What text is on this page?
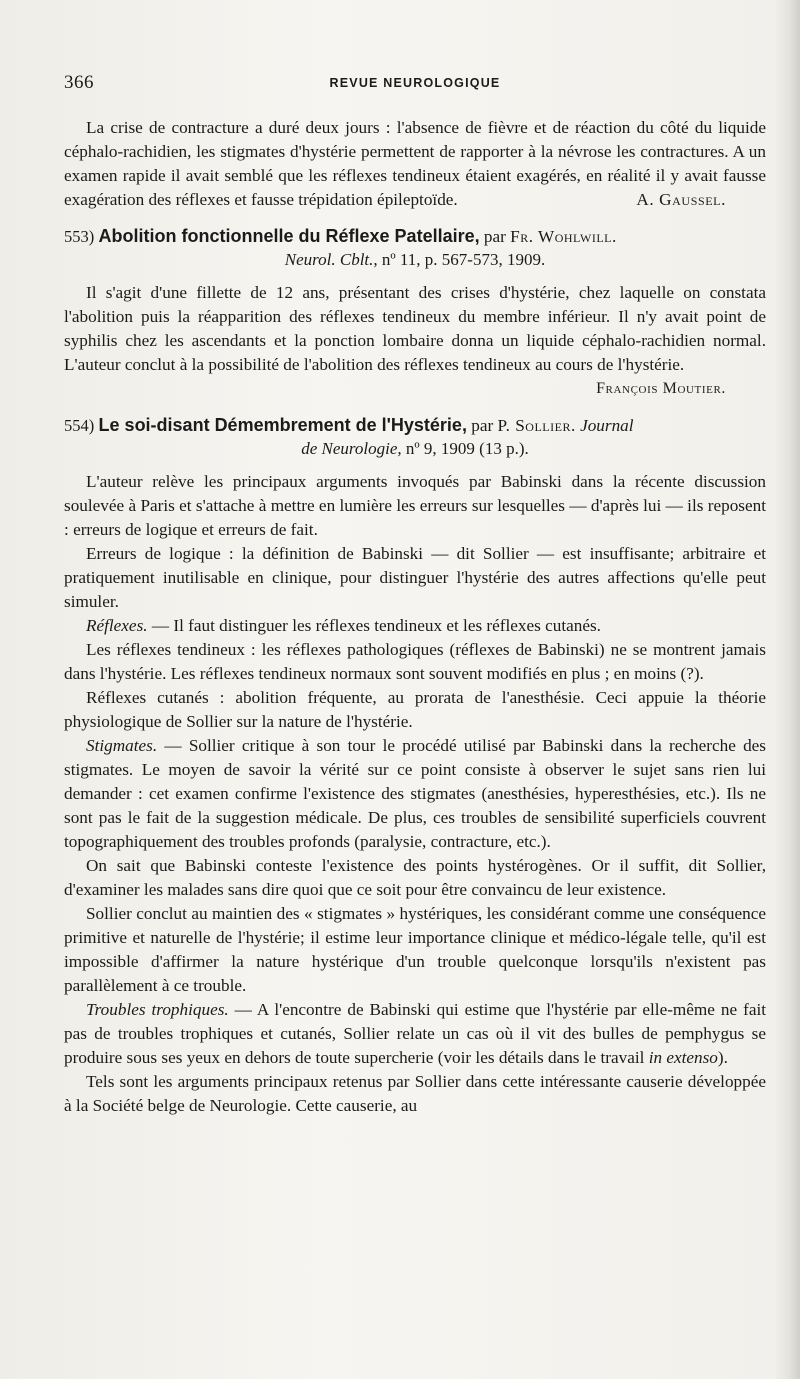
366	REVUE NEUROLOGIQUE

La crise de contracture a duré deux jours : l'absence de fièvre et de réaction du côté du liquide céphalo-rachidien, les stigmates d'hystérie permettent de rapporter à la névrose les contractures. A un examen rapide il avait semblé que les réflexes tendineux étaient exagérés, en réalité il y avait fausse exagération des réflexes et fausse trépidation épileptoïde.	A. Gaussel.

553) Abolition fonctionnelle du Réflexe Patellaire, par Fr. Wohlwill.
Neurol. Cblt., nº 11, p. 567-573, 1909.

Il s'agit d'une fillette de 12 ans, présentant des crises d'hystérie, chez laquelle on constata l'abolition puis la réapparition des réflexes tendineux du membre inférieur. Il n'y avait point de syphilis chez les ascendants et la ponction lombaire donna un liquide céphalo-rachidien normal. L'auteur conclut à la possibilité de l'abolition des réflexes tendineux au cours de l'hystérie.

François Moutier.
554) Le soi-disant Démembrement de l'Hystérie, par P. Sollier. Journal
de Neurologie, nº 9, 1909 (13 p.).

L'auteur relève les principaux arguments invoqués par Babinski dans la récente discussion soulevée à Paris et s'attache à mettre en lumière les erreurs sur lesquelles — d'après lui — ils reposent : erreurs de logique et erreurs de fait.

Erreurs de logique : la définition de Babinski — dit Sollier — est insuffisante; arbitraire et pratiquement inutilisable en clinique, pour distinguer l'hystérie des autres affections qu'elle peut simuler.

Réflexes. — Il faut distinguer les réflexes tendineux et les réflexes cutanés.

Les réflexes tendineux : les réflexes pathologiques (réflexes de Babinski) ne se montrent jamais dans l'hystérie. Les réflexes tendineux normaux sont souvent modifiés en plus ; en moins (?).

Réflexes cutanés : abolition fréquente, au prorata de l'anesthésie. Ceci appuie la théorie physiologique de Sollier sur la nature de l'hystérie.

Stigmates. — Sollier critique à son tour le procédé utilisé par Babinski dans la recherche des stigmates. Le moyen de savoir la vérité sur ce point consiste à observer le sujet sans rien lui demander : cet examen confirme l'existence des stigmates (anesthésies, hyperesthésies, etc.). Ils ne sont pas le fait de la suggestion médicale. De plus, ces troubles de sensibilité superficiels couvrent topographiquement des troubles profonds (paralysie, contracture, etc.).

On sait que Babinski conteste l'existence des points hystérogènes. Or il suffit, dit Sollier, d'examiner les malades sans dire quoi que ce soit pour être convaincu de leur existence.

Sollier conclut au maintien des « stigmates » hystériques, les considérant comme une conséquence primitive et naturelle de l'hystérie; il estime leur importance clinique et médico-légale telle, qu'il est impossible d'affirmer la nature hystérique d'un trouble quelconque lorsqu'ils n'existent pas parallèlement à ce trouble.

Troubles trophiques. — A l'encontre de Babinski qui estime que l'hystérie par elle-même ne fait pas de troubles trophiques et cutanés, Sollier relate un cas où il vit des bulles de pemphygus se produire sous ses yeux en dehors de toute supercherie (voir les détails dans le travail in extenso).

Tels sont les arguments principaux retenus par Sollier dans cette intéressante causerie développée à la Société belge de Neurologie. Cette causerie, au
